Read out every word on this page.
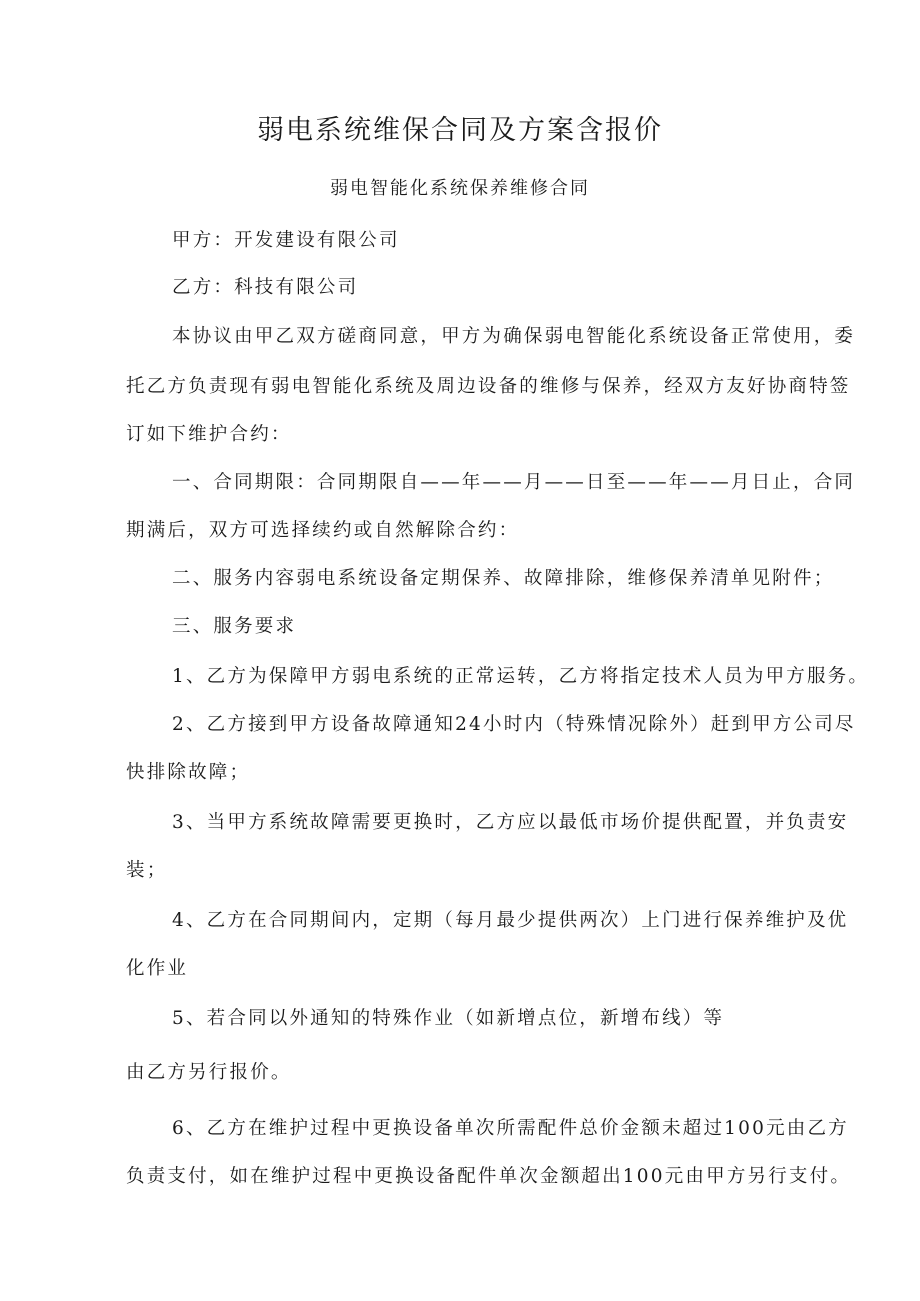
弱电系统维保合同及方案含报价
弱电智能化系统保养维修合同
甲方：开发建设有限公司
乙方：科技有限公司
本协议由甲乙双方磋商同意，甲方为确保弱电智能化系统设备正常使用，委
托乙方负责现有弱电智能化系统及周边设备的维修与保养，经双方友好协商特签
订如下维护合约：
一、合同期限：合同期限自——年——月——日至——年——月日止，合同
期满后，双方可选择续约或自然解除合约：
二、服务内容弱电系统设备定期保养、故障排除，维修保养清单见附件；
三、服务要求
1、乙方为保障甲方弱电系统的正常运转，乙方将指定技术人员为甲方服务。
2、乙方接到甲方设备故障通知24小时内（特殊情况除外）赶到甲方公司尽
快排除故障；
3、当甲方系统故障需要更换时，乙方应以最低市场价提供配置，并负责安
装；
4、乙方在合同期间内，定期（每月最少提供两次）上门进行保养维护及优
化作业
5、若合同以外通知的特殊作业（如新增点位，新增布线）等
由乙方另行报价。
6、乙方在维护过程中更换设备单次所需配件总价金额未超过100元由乙方
负责支付，如在维护过程中更换设备配件单次金额超出100元由甲方另行支付。
